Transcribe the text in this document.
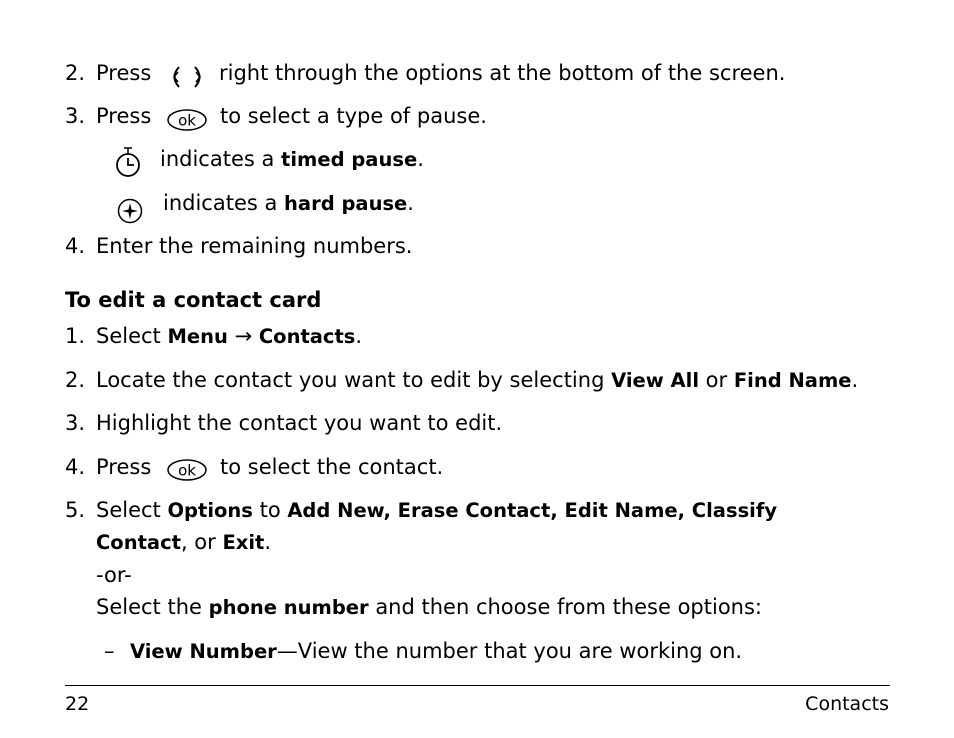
2. Press	right through the options at the bottom of the screen.
3. Press ok to select a type of pause.
indicates a timed pause.
indicates a hard pause.
4. Enter the remaining numbers.
To edit a contact card
1. Select Menu → Contacts.
2. Locate the contact you want to edit by selecting View All or Find Name.
3. Highlight the contact you want to edit.
4. Press ok to select the contact.
5. Select Options to Add New, Erase Contact, Edit Name, Classify
Contact, or Exit.
-or-
Select the phone number and then choose from these options:
– View Number—View the number that you are working on.
22	Contacts
